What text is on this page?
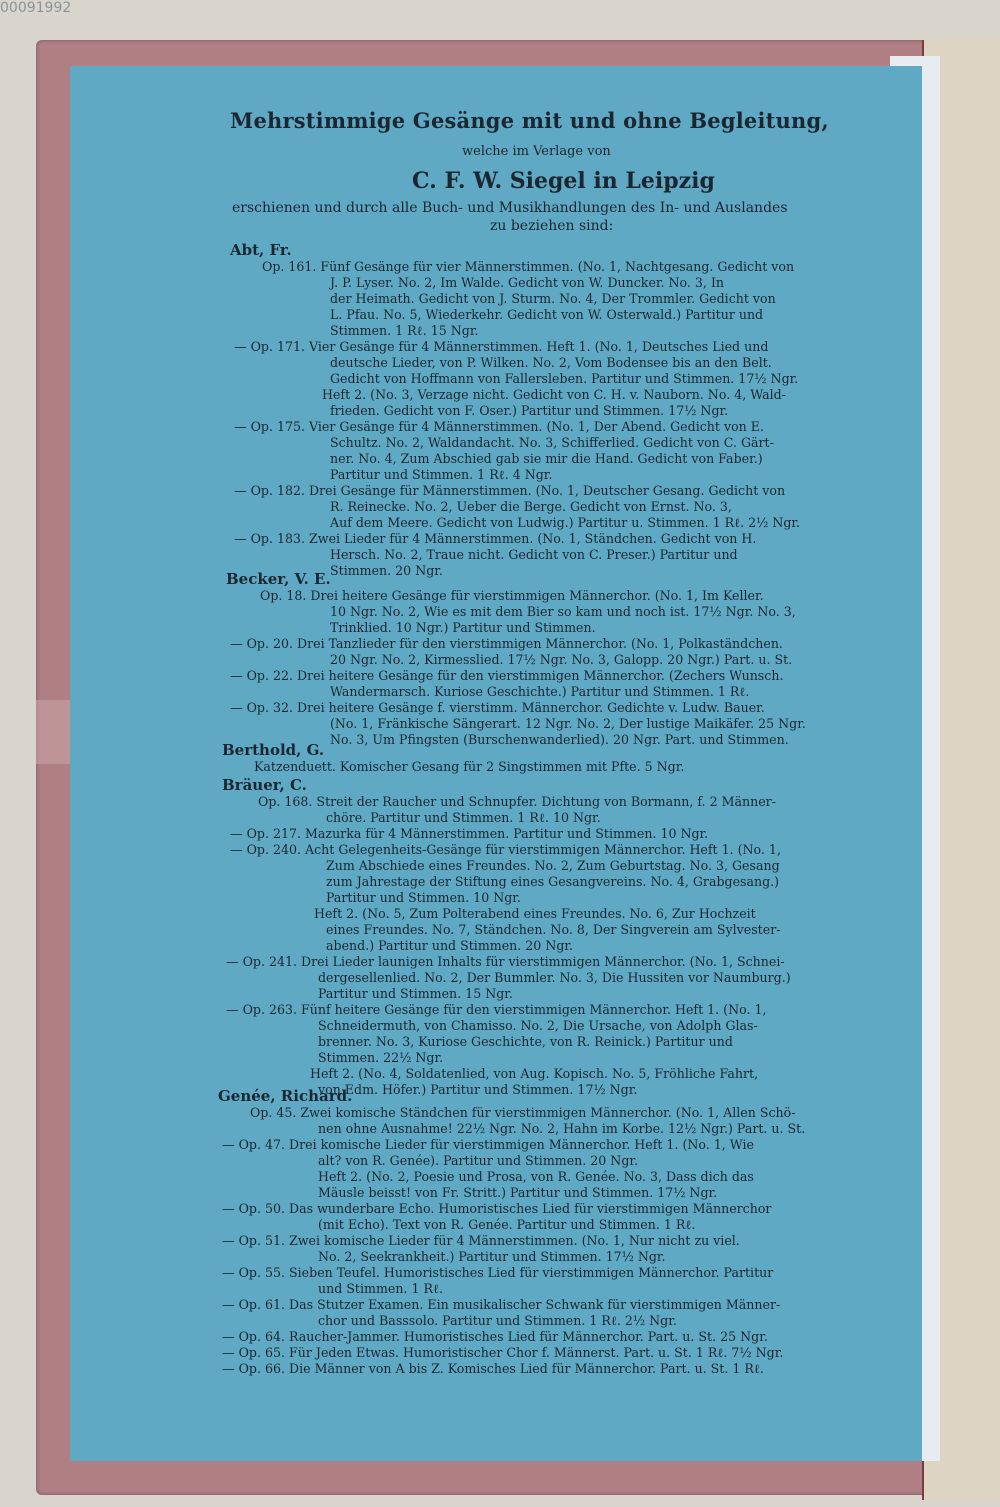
00091992
Mehrstimmige Gesänge mit und ohne Begleitung,
welche im Verlage von
C. F. W. Siegel in Leipzig
erschienen und durch alle Buch- und Musikhandlungen des In- und Auslandes
zu beziehen sind:
Abt, Fr.
Becker, V. E.
Berthold, G.
Bräuer, C.
Genée, Richard.
Op. 161. Fünf Gesänge für vier Männerstimmen. (No. 1, Nachtgesang. Gedicht von
J. P. Lyser. No. 2, Im Walde. Gedicht von W. Duncker. No. 3, In
der Heimath. Gedicht von J. Sturm. No. 4, Der Trommler. Gedicht von
L. Pfau. No. 5, Wiederkehr. Gedicht von W. Osterwald.) Partitur und
Stimmen. 1 Rℓ. 15 Ngr.
— Op. 171. Vier Gesänge für 4 Männerstimmen. Heft 1. (No. 1, Deutsches Lied und
deutsche Lieder, von P. Wilken. No. 2, Vom Bodensee bis an den Belt.
Gedicht von Hoffmann von Fallersleben. Partitur und Stimmen. 17½ Ngr.
Heft 2. (No. 3, Verzage nicht. Gedicht von C. H. v. Nauborn. No. 4, Wald-
frieden. Gedicht von F. Oser.) Partitur und Stimmen. 17½ Ngr.
— Op. 175. Vier Gesänge für 4 Männerstimmen. (No. 1, Der Abend. Gedicht von E.
Schultz. No. 2, Waldandacht. No. 3, Schifferlied. Gedicht von C. Gärt-
ner. No. 4, Zum Abschied gab sie mir die Hand. Gedicht von Faber.)
Partitur und Stimmen. 1 Rℓ. 4 Ngr.
— Op. 182. Drei Gesänge für Männerstimmen. (No. 1, Deutscher Gesang. Gedicht von
R. Reinecke. No. 2, Ueber die Berge. Gedicht von Ernst. No. 3,
Auf dem Meere. Gedicht von Ludwig.) Partitur u. Stimmen. 1 Rℓ. 2½ Ngr.
— Op. 183. Zwei Lieder für 4 Männerstimmen. (No. 1, Ständchen. Gedicht von H.
Hersch. No. 2, Traue nicht. Gedicht von C. Preser.) Partitur und
Stimmen. 20 Ngr.
Op. 18. Drei heitere Gesänge für vierstimmigen Männerchor. (No. 1, Im Keller.
10 Ngr. No. 2, Wie es mit dem Bier so kam und noch ist. 17½ Ngr. No. 3,
Trinklied. 10 Ngr.) Partitur und Stimmen.
— Op. 20. Drei Tanzlieder für den vierstimmigen Männerchor. (No. 1, Polkaständchen.
20 Ngr. No. 2, Kirmesslied. 17½ Ngr. No. 3, Galopp. 20 Ngr.) Part. u. St.
— Op. 22. Drei heitere Gesänge für den vierstimmigen Männerchor. (Zechers Wunsch.
Wandermarsch. Kuriose Geschichte.) Partitur und Stimmen. 1 Rℓ.
— Op. 32. Drei heitere Gesänge f. vierstimm. Männerchor. Gedichte v. Ludw. Bauer.
(No. 1, Fränkische Sängerart. 12 Ngr. No. 2, Der lustige Maikäfer. 25 Ngr.
No. 3, Um Pfingsten (Burschenwanderlied). 20 Ngr. Part. und Stimmen.
Katzenduett. Komischer Gesang für 2 Singstimmen mit Pfte. 5 Ngr.
Op. 168. Streit der Raucher und Schnupfer. Dichtung von Bormann, f. 2 Männer-
chöre. Partitur und Stimmen. 1 Rℓ. 10 Ngr.
— Op. 217. Mazurka für 4 Männerstimmen. Partitur und Stimmen. 10 Ngr.
— Op. 240. Acht Gelegenheits-Gesänge für vierstimmigen Männerchor. Heft 1. (No. 1,
Zum Abschiede eines Freundes. No. 2, Zum Geburtstag. No. 3, Gesang
zum Jahrestage der Stiftung eines Gesangvereins. No. 4, Grabgesang.)
Partitur und Stimmen. 10 Ngr.
Heft 2. (No. 5, Zum Polterabend eines Freundes. No. 6, Zur Hochzeit
eines Freundes. No. 7, Ständchen. No. 8, Der Singverein am Sylvester-
abend.) Partitur und Stimmen. 20 Ngr.
— Op. 241. Drei Lieder launigen Inhalts für vierstimmigen Männerchor. (No. 1, Schnei-
dergesellenlied. No. 2, Der Bummler. No. 3, Die Hussiten vor Naumburg.)
Partitur und Stimmen. 15 Ngr.
— Op. 263. Fünf heitere Gesänge für den vierstimmigen Männerchor. Heft 1. (No. 1,
Schneidermuth, von Chamisso. No. 2, Die Ursache, von Adolph Glas-
brenner. No. 3, Kuriose Geschichte, von R. Reinick.) Partitur und
Stimmen. 22½ Ngr.
Heft 2. (No. 4, Soldatenlied, von Aug. Kopisch. No. 5, Fröhliche Fahrt,
von Edm. Höfer.) Partitur und Stimmen. 17½ Ngr.
Op. 45. Zwei komische Ständchen für vierstimmigen Männerchor. (No. 1, Allen Schö-
nen ohne Ausnahme! 22½ Ngr. No. 2, Hahn im Korbe. 12½ Ngr.) Part. u. St.
— Op. 47. Drei komische Lieder für vierstimmigen Männerchor. Heft 1. (No. 1, Wie
alt? von R. Genée). Partitur und Stimmen. 20 Ngr.
Heft 2. (No. 2, Poesie und Prosa, von R. Genée. No. 3, Dass dich das
Mäusle beisst! von Fr. Stritt.) Partitur und Stimmen. 17½ Ngr.
— Op. 50. Das wunderbare Echo. Humoristisches Lied für vierstimmigen Männerchor
(mit Echo). Text von R. Genée. Partitur und Stimmen. 1 Rℓ.
— Op. 51. Zwei komische Lieder für 4 Männerstimmen. (No. 1, Nur nicht zu viel.
No. 2, Seekrankheit.) Partitur und Stimmen. 17½ Ngr.
— Op. 55. Sieben Teufel. Humoristisches Lied für vierstimmigen Männerchor. Partitur
und Stimmen. 1 Rℓ.
— Op. 61. Das Stutzer Examen. Ein musikalischer Schwank für vierstimmigen Männer-
chor und Basssolo. Partitur und Stimmen. 1 Rℓ. 2½ Ngr.
— Op. 64. Raucher-Jammer. Humoristisches Lied für Männerchor. Part. u. St. 25 Ngr.
— Op. 65. Für Jeden Etwas. Humoristischer Chor f. Männerst. Part. u. St. 1 Rℓ. 7½ Ngr.
— Op. 66. Die Männer von A bis Z. Komisches Lied für Männerchor. Part. u. St. 1 Rℓ.
